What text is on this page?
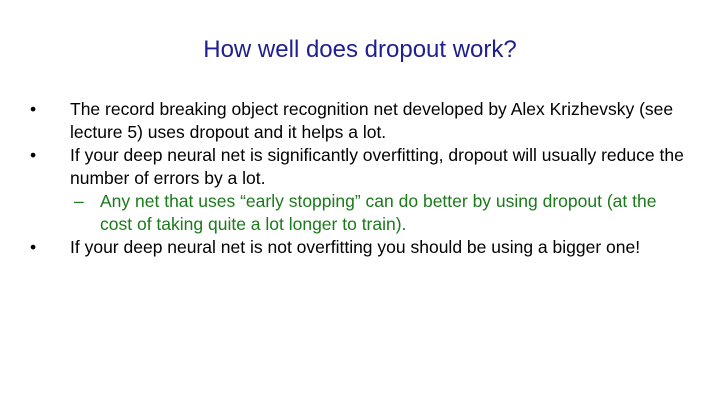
How well does dropout work?
• The record breaking object recognition net developed by Alex Krizhevsky (see lecture 5) uses dropout and it helps a lot.
• If your deep neural net is significantly overfitting, dropout will usually reduce the number of errors by a lot.
– Any net that uses “early stopping” can do better by using dropout (at the cost of taking quite a lot longer to train).
• If your deep neural net is not overfitting you should be using a bigger one!
